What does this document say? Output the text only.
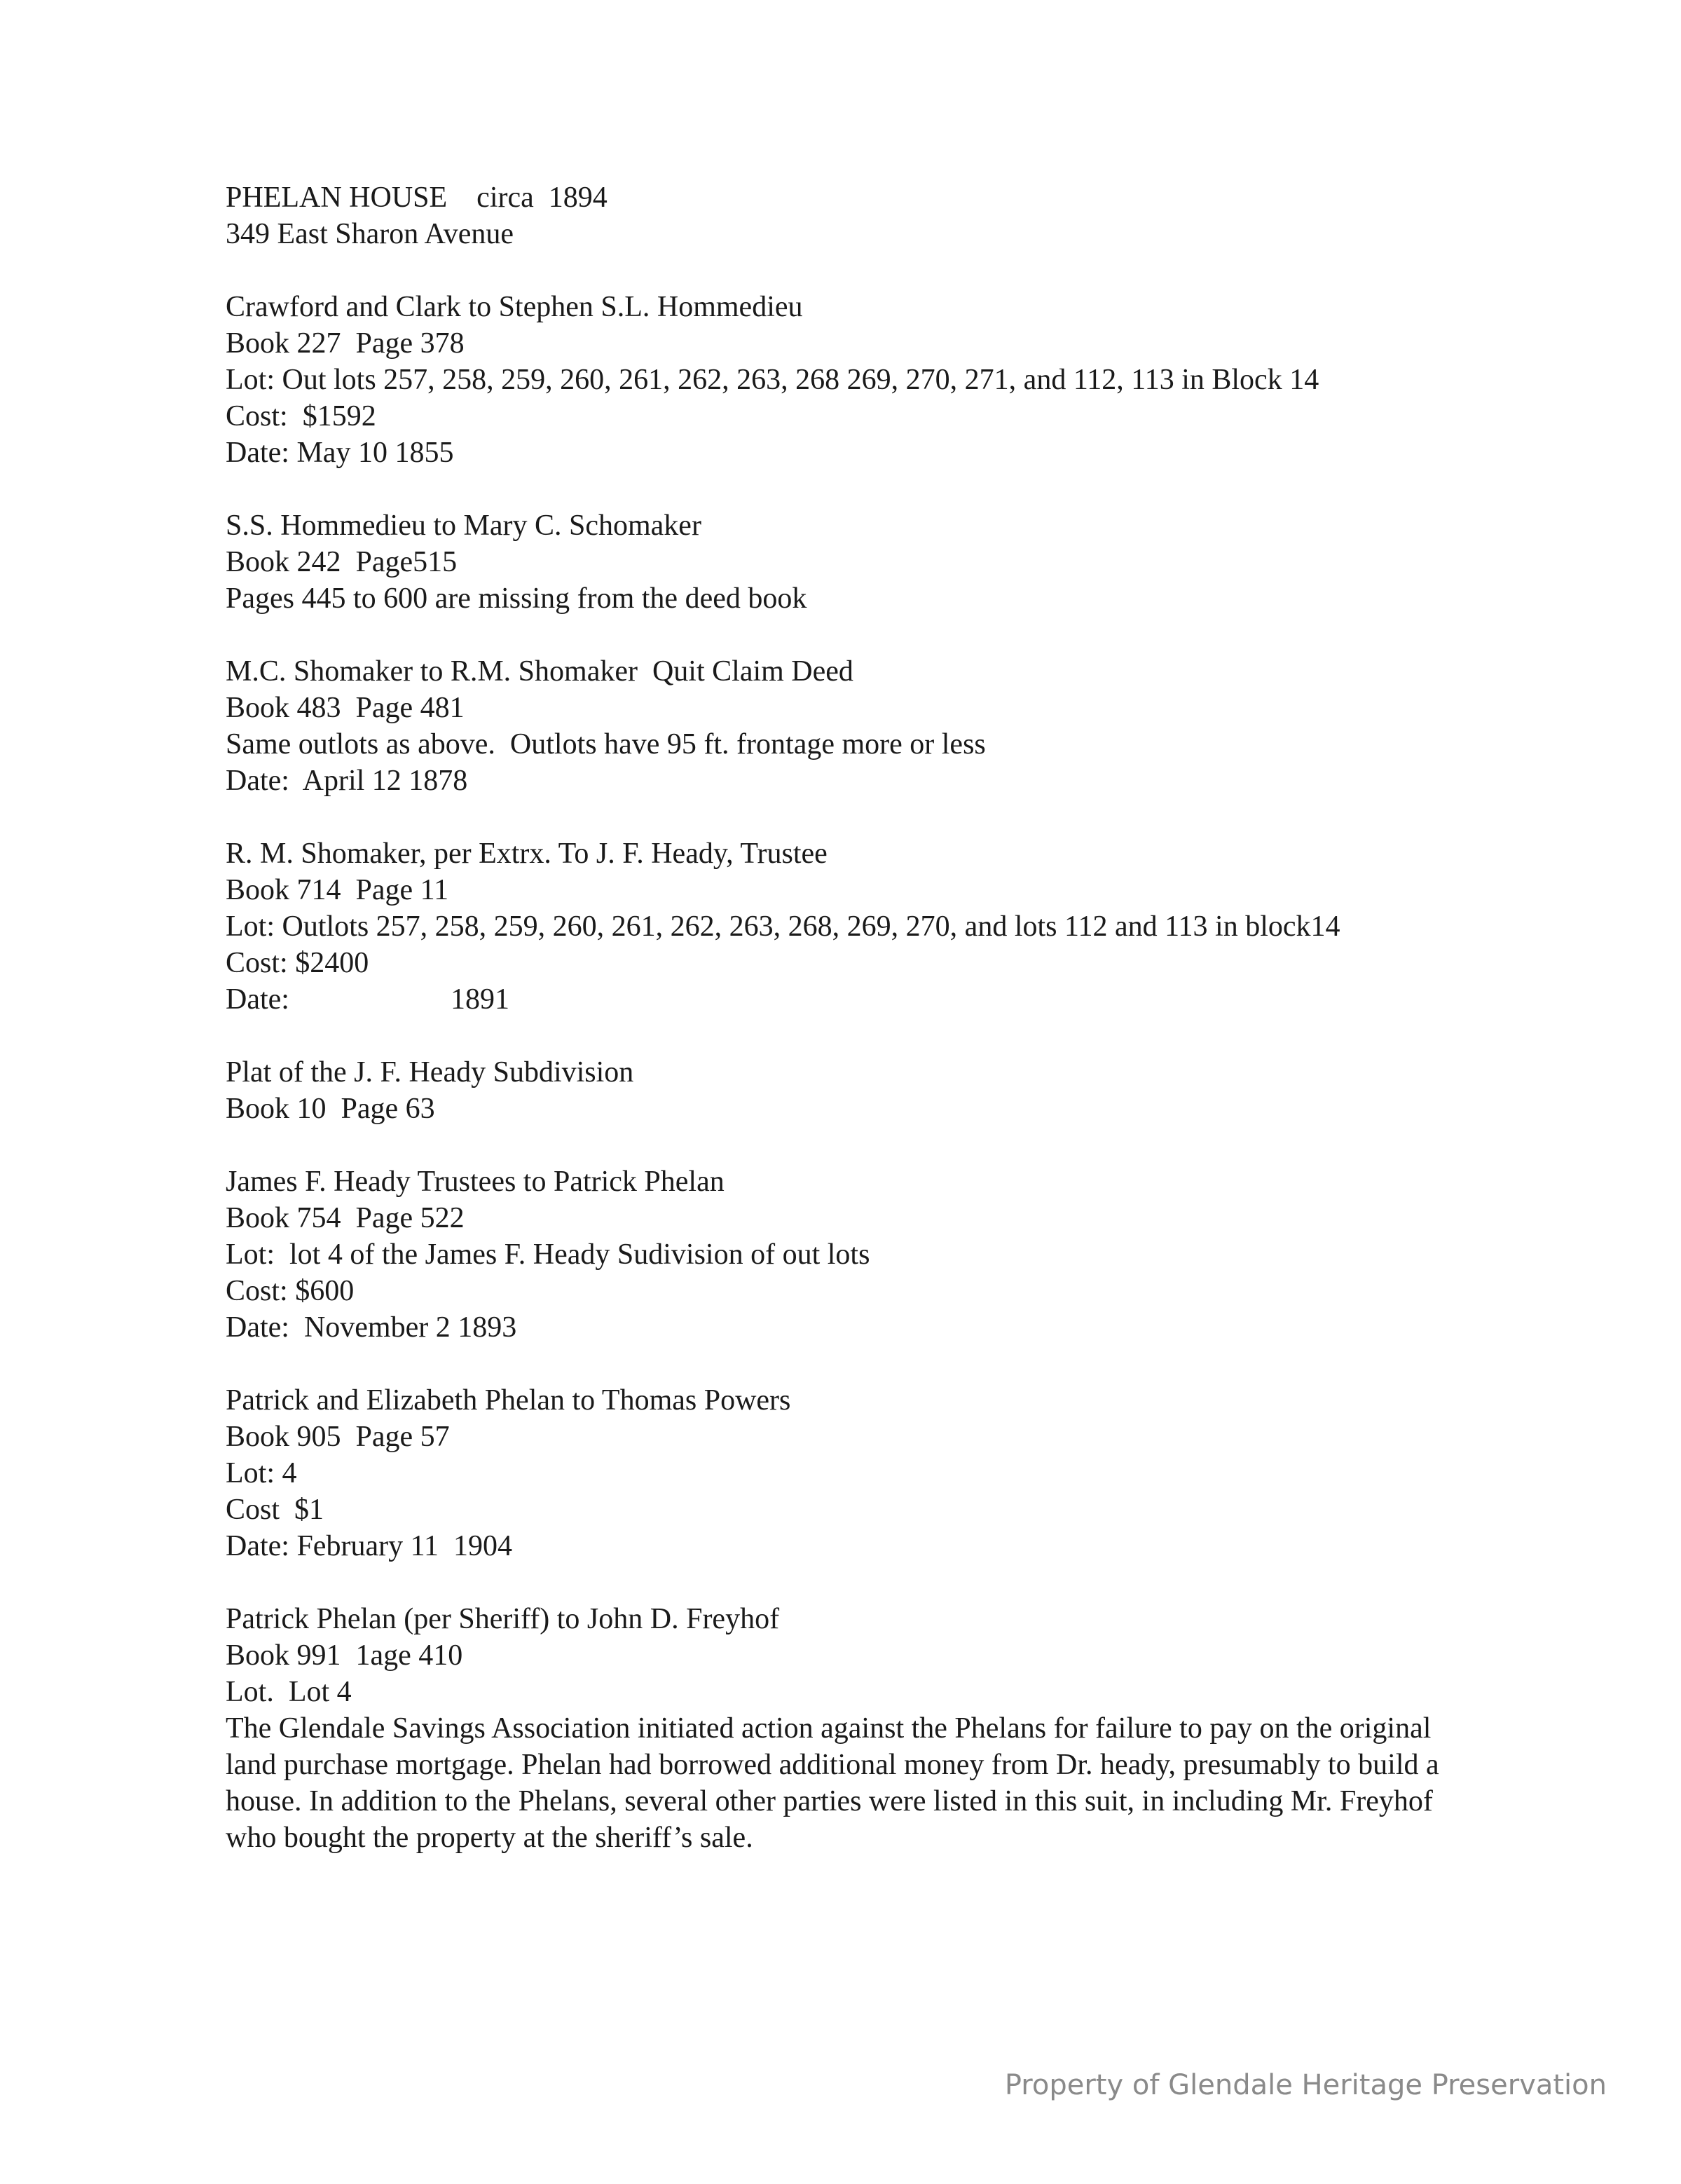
PHELAN HOUSE circa  1894
349 East Sharon Avenue
Crawford and Clark to Stephen S.L. Hommedieu
Book 227  Page 378
Lot: Out lots 257, 258, 259, 260, 261, 262, 263, 268 269, 270, 271, and 112, 113 in Block 14
Cost:  $1592
Date: May 10 1855
S.S. Hommedieu to Mary C. Schomaker
Book 242  Page515
Pages 445 to 600 are missing from the deed book
M.C. Shomaker to R.M. Shomaker  Quit Claim Deed
Book 483  Page 481
Same outlots as above.  Outlots have 95 ft. frontage more or less
Date:  April 12 1878
R. M. Shomaker, per Extrx. To J. F. Heady, Trustee
Book 714  Page 11
Lot: Outlots 257, 258, 259, 260, 261, 262, 263, 268, 269, 270, and lots 112 and 113 in block14
Cost: $2400
Date:	1891
Plat of the J. F. Heady Subdivision
Book 10  Page 63
James F. Heady Trustees to Patrick Phelan
Book 754  Page 522
Lot:  lot 4 of the James F. Heady Sudivision of out lots
Cost: $600
Date:  November 2 1893
Patrick and Elizabeth Phelan to Thomas Powers
Book 905  Page 57
Lot: 4
Cost  $1
Date: February 11  1904
Patrick Phelan (per Sheriff) to John D. Freyhof
Book 991  1age 410
Lot.  Lot 4
The Glendale Savings Association initiated action against the Phelans for failure to pay on the original land purchase mortgage. Phelan had borrowed additional money from Dr. heady, presumably to build a house. In addition to the Phelans, several other parties were listed in this suit, in including Mr. Freyhof who bought the property at the sheriff’s sale.
Property of Glendale Heritage Preservation
